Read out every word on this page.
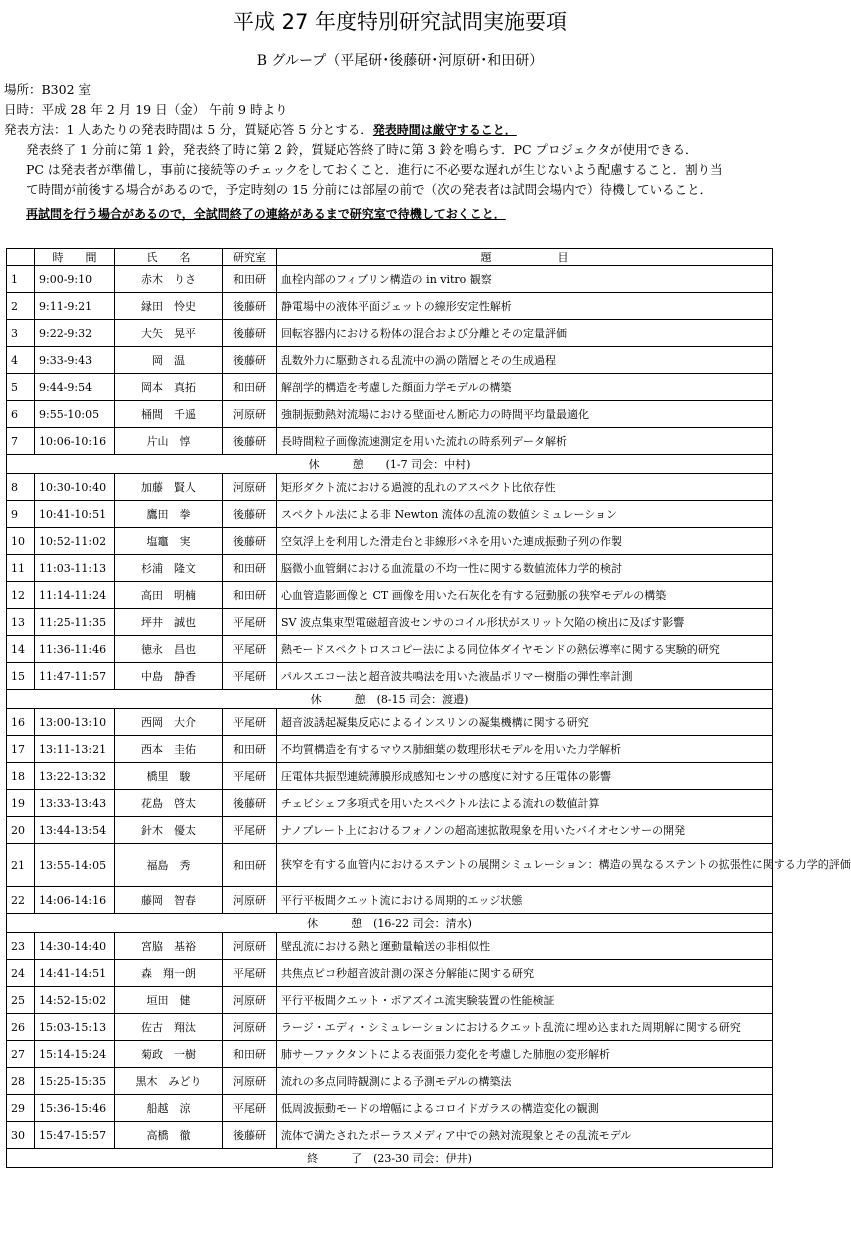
平成 27 年度特別研究試問実施要項
B グループ（平尾研･後藤研･河原研･和田研）
場所：B302 室
日時：平成 28 年 2 月 19 日（金） 午前 9 時より
発表方法：1 人あたりの発表時間は 5 分，質疑応答 5 分とする．発表時間は厳守すること．
発表終了 1 分前に第 1 鈴，発表終了時に第 2 鈴，質疑応答終了時に第 3 鈴を鳴らす．PC プロジェクタが使用できる．
PC は発表者が準備し，事前に接続等のチェックをしておくこと．進行に不必要な遅れが生じないよう配慮すること．割り当
て時間が前後する場合があるので，予定時刻の 15 分前には部屋の前で（次の発表者は試問会場内で）待機していること．
再試問を行う場合があるので，全試問終了の連絡があるまで研究室で待機しておくこと．
	時　　間	氏　　名	研究室	題　　　　　　目
1	9:00-9:10	赤木　りさ	和田研	血栓内部のフィブリン構造の in vitro 観察
2	9:11-9:21	縁田　怜史	後藤研	静電場中の液体平面ジェットの線形安定性解析
3	9:22-9:32	大矢　晃平	後藤研	回転容器内における粉体の混合および分離とその定量評価
4	9:33-9:43	岡　温	後藤研	乱数外力に駆動される乱流中の渦の階層とその生成過程
5	9:44-9:54	岡本　真拓	和田研	解剖学的構造を考慮した顔面力学モデルの構築
6	9:55-10:05	桶間　千遥	河原研	強制振動熱対流場における壁面せん断応力の時間平均量最適化
7	10:06-10:16	片山　惇	後藤研	長時間粒子画像流速測定を用いた流れの時系列データ解析
休　　　憩　　(1-7 司会：中村)				
8	10:30-10:40	加藤　賢人	河原研	矩形ダクト流における過渡的乱れのアスペクト比依存性
9	10:41-10:51	鷹田　拳	後藤研	スペクトル法による非 Newton 流体の乱流の数値シミュレーション
10	10:52-11:02	塩竈　実	後藤研	空気浮上を利用した滑走台と非線形バネを用いた連成振動子列の作製
11	11:03-11:13	杉浦　隆文	和田研	脳微小血管網における血流量の不均一性に関する数値流体力学的検討
12	11:14-11:24	高田　明楠	和田研	心血管造影画像と CT 画像を用いた石灰化を有する冠動脈の狭窄モデルの構築
13	11:25-11:35	坪井　誠也	平尾研	SV 波点集束型電磁超音波センサのコイル形状がスリット欠陥の検出に及ぼす影響
14	11:36-11:46	徳永　昌也	平尾研	熱モードスペクトロスコピー法による同位体ダイヤモンドの熱伝導率に関する実験的研究
15	11:47-11:57	中島　静香	平尾研	パルスエコー法と超音波共鳴法を用いた液晶ポリマー樹脂の弾性率計測
休　　　憩　(8-15 司会：渡邉)				
16	13:00-13:10	西岡　大介	平尾研	超音波誘起凝集反応によるインスリンの凝集機構に関する研究
17	13:11-13:21	西本　圭佑	和田研	不均質構造を有するマウス肺細葉の数理形状モデルを用いた力学解析
18	13:22-13:32	橋里　駿	平尾研	圧電体共振型連続薄膜形成感知センサの感度に対する圧電体の影響
19	13:33-13:43	花島　啓太	後藤研	チェビシェフ多項式を用いたスペクトル法による流れの数値計算
20	13:44-13:54	針木　優太	平尾研	ナノプレート上におけるフォノンの超高速拡散現象を用いたバイオセンサーの開発
21	13:55-14:05	福島　秀	和田研	狭窄を有する血管内におけるステントの展開シミュレーション：構造の異なるステントの拡張性に関する力学的評価
22	14:06-14:16	藤岡　智春	河原研	平行平板間クエット流における周期的エッジ状態
休　　　憩　(16-22 司会：清水)				
23	14:30-14:40	宮脇　基裕	河原研	壁乱流における熱と運動量輸送の非相似性
24	14:41-14:51	森　翔一朗	平尾研	共焦点ピコ秒超音波計測の深さ分解能に関する研究
25	14:52-15:02	垣田　健	河原研	平行平板間クエット・ポアズイユ流実験装置の性能検証
26	15:03-15:13	佐古　翔汰	河原研	ラージ・エディ・シミュレーションにおけるクエット乱流に埋め込まれた周期解に関する研究
27	15:14-15:24	菊政　一樹	和田研	肺サーファクタントによる表面張力変化を考慮した肺胞の変形解析
28	15:25-15:35	黒木　みどり	河原研	流れの多点同時観測による予測モデルの構築法
29	15:36-15:46	船越　涼	平尾研	低周波振動モードの増幅によるコロイドガラスの構造変化の観測
30	15:47-15:57	高橋　徹	後藤研	流体で満たされたポーラスメディア中での熱対流現象とその乱流モデル
終　　　了　(23-30 司会：伊井)				
